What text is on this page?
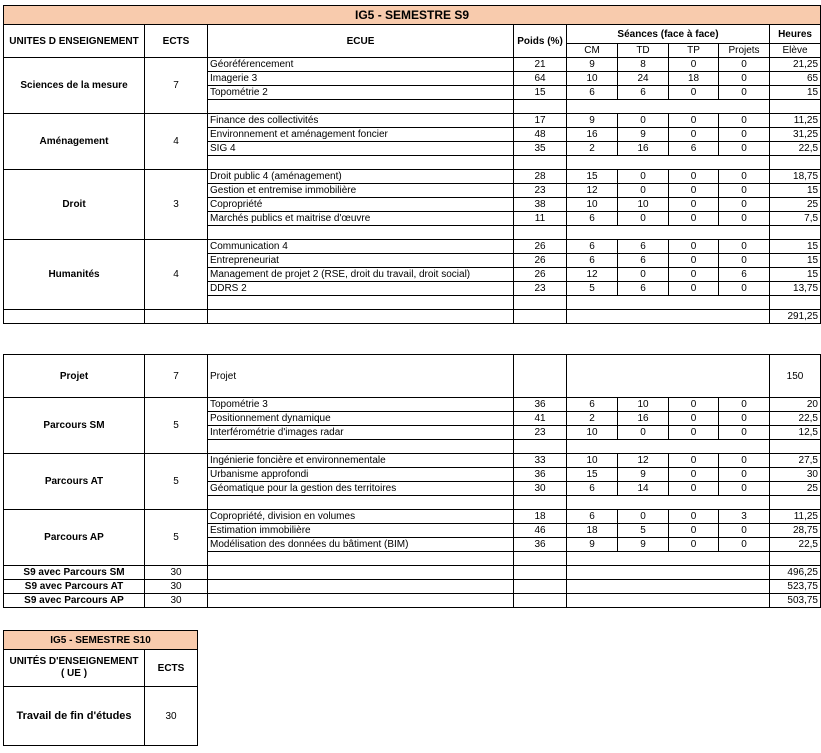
IG5 - SEMESTRE S9									
UNITES D ENSEIGNEMENT	ECTS	ECUE	Poids (%)	Séances (face à face)				Heures	
				CM	TD	TP	Projets	Elève	
Sciences de la mesure	7	Géoréférencement	21	9	8	0	0	21,25	
		Imagerie 3	64	10	24	18	0	65	
		Topométrie 2	15	6	6	0	0	15	

Aménagement	4	Finance des collectivités	17	9	0	0	0	11,25	
		Environnement et aménagement foncier	48	16	9	0	0	31,25	
		SIG 4	35	2	16	6	0	22,5	

Droit	3	Droit public 4 (aménagement)	28	15	0	0	0	18,75	
		Gestion et entremise immobilière	23	12	0	0	0	15	
		Copropriété	38	10	10	0	0	25	
		Marchés publics et maitrise d'œuvre	11	6	0	0	0	7,5	

Humanités	4	Communication 4	26	6	6	0	0	15	
		Entrepreneuriat	26	6	6	0	0	15	
		Management de projet 2 (RSE, droit du travail, droit social)	26	12	0	0	6	15	
		DDRS 2	23	5	6	0	0	13,75	

								291,25	
Projet	7	Projet						150	
Parcours SM	5	Topométrie 3	36	6	10	0	0	20	
		Positionnement dynamique	41	2	16	0	0	22,5	
		Interférométrie d'images radar	23	10	0	0	0	12,5	

Parcours AT	5	Ingénierie foncière et environnementale	33	10	12	0	0	27,5	
		Urbanisme approfondi	36	15	9	0	0	30	
		Géomatique pour la gestion des territoires	30	6	14	0	0	25	

Parcours AP	5	Copropriété, division en volumes	18	6	0	0	3	11,25	
		Estimation immobilière	46	18	5	0	0	28,75	
		Modélisation des données du bâtiment (BIM)	36	9	9	0	0	22,5	

S9 avec Parcours SM	30							496,25	
S9 avec Parcours AT	30							523,75	
S9 avec Parcours AP	30							503,75	
IG5 - SEMESTRE S10	
UNITÉS D'ENSEIGNEMENT
( UE )	ECTS
Travail de fin d'études	30
